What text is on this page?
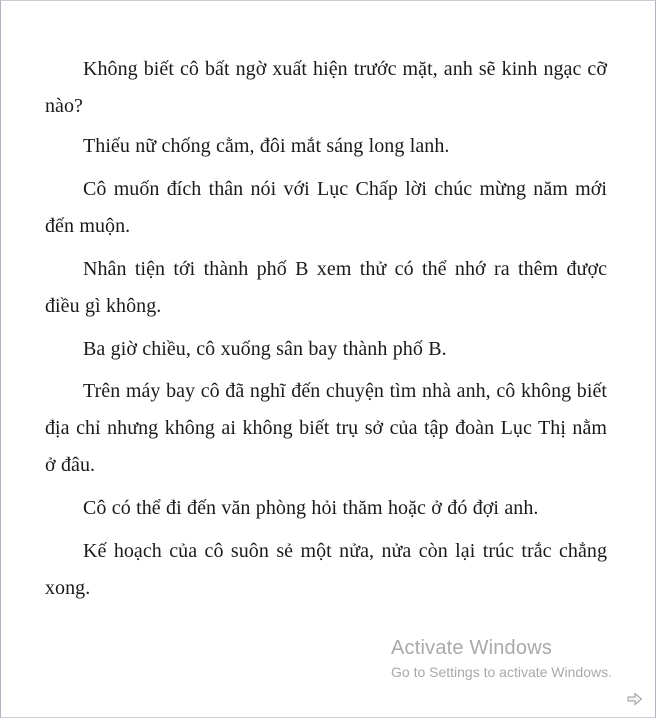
Không biết cô bất ngờ xuất hiện trước mặt, anh sẽ kinh ngạc cỡ nào?

Thiếu nữ chống cằm, đôi mắt sáng long lanh.

Cô muốn đích thân nói với Lục Chấp lời chúc mừng năm mới đến muộn.

Nhân tiện tới thành phố B xem thử có thể nhớ ra thêm được điều gì không.

Ba giờ chiều, cô xuống sân bay thành phố B.

Trên máy bay cô đã nghĩ đến chuyện tìm nhà anh, cô không biết địa chỉ nhưng không ai không biết trụ sở của tập đoàn Lục Thị nằm ở đâu.

Cô có thể đi đến văn phòng hỏi thăm hoặc ở đó đợi anh.

Kế hoạch của cô suôn sẻ một nửa, nửa còn lại trúc trắc chẳng xong.

Activate Windows
Go to Settings to activate Windows.
